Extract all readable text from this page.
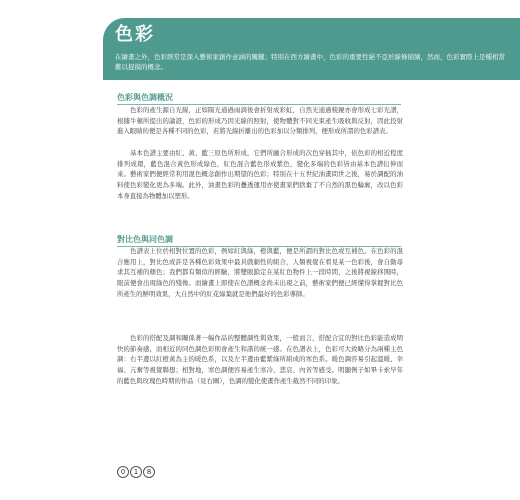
色彩
在繪畫之外，色彩經常是深入藝術家創作意涵的關鍵；特別在西方繪畫中，色彩的重要性絕不亞於線條描繪，然而，色彩實際上是種相當難以捉摸的概念。
色彩與色調概況

色彩的產生源自光線，正如陽光通過雨滴後會折射成彩虹，自然光通過稜鏡亦會形成七彩光譜，根據牛頓所提出的論證，色彩的形成乃因光線的照射，使物體對不同光束產生吸收與反射，因此投射進入眼睛的便是各種不同的色彩，若將光線折離出的色彩加以分類排列，便形成所謂的色彩譜表。

基本色譜主要由紅、黃、藍三原色所形成，它們所融合形成的次色穿插其中，依色彩的相近程度排列成環，藍色混合黃色形成綠色，紅色混合藍色形成紫色，變化多端的色彩皆由基本色譜衍伸而來。藝術家們便經常利用混色概念創作出期望的色彩；特別在十五世紀油畫問世之後，易於調配的油料使色彩變化更為多端。此外，油畫色彩的疊透運用亦使畫家們捨棄了不自然的黑色輪廓，改以色彩本身直接為物體加以塑形。

對比色與同色調

色譜表上位於相對位置的色彩，例如紅與綠，橙與藍，便是所謂的對比色或互補色。在色彩的混合應用上，對比色或許是各種色彩效果中最具戲劇性的組合，人類視覺在看見某一色彩後，會自動尋求其互補的顏色；我們都有類似的經驗，將雙眼鎖定在某紅色物件上一段時間，之後將視線移開時，眼前便會出現綠色的殘像。而繪畫上即使在色譜概念尚未出現之前，藝術家們便已經懂得掌握對比色所產生的鮮明效果，大自然中的紅花綠葉就是他們最好的色彩導師。

色彩的搭配及調和關係著一幅作品的整體調性與效果，一般而言，搭配合宜的對比色彩能造成明快的節奏感，而相近的同色調色彩則會產生和諧的統一感。在色譜表上，色彩可大致略分為兩種主色調：右半邊以紅橙黃為主的暖色系，以及左半邊由藍紫綠所組成的寒色系。暖色調容易引起溫暖、幸福、亢奮等視覺聯想；相對地，寒色調便容易產生寒冷、悲哀、內省等感受。明顯例子如畢卡索早年的藍色與玫瑰色時期的作品（見右圖），色調的變化使畫作產生截然不同的印象。

0	1	8
